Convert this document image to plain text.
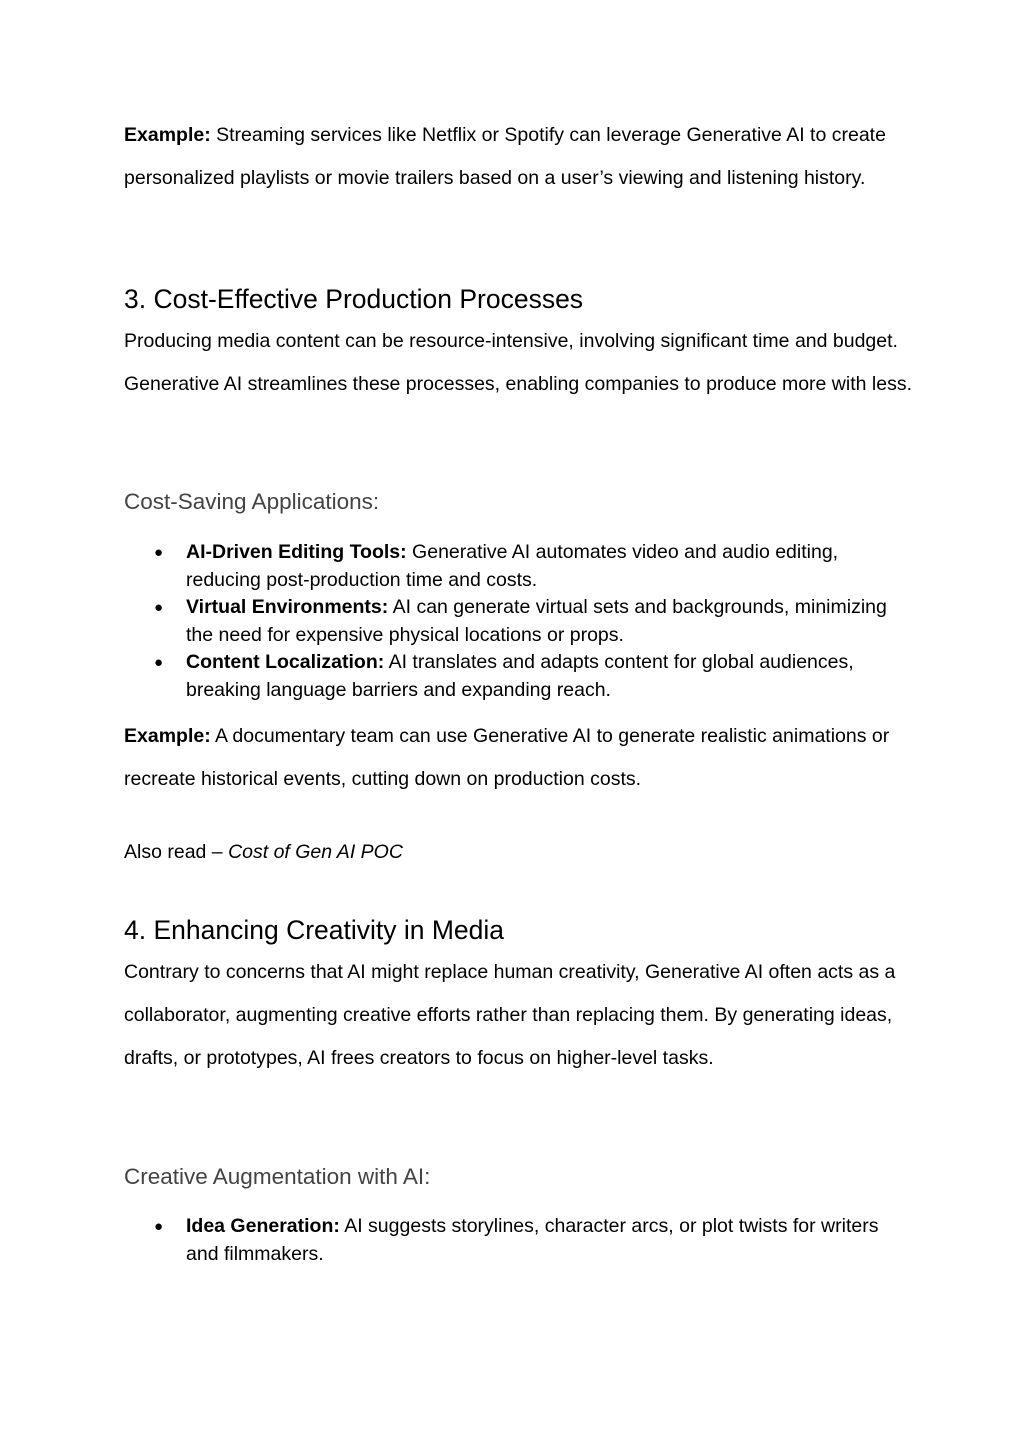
Example: Streaming services like Netflix or Spotify can leverage Generative AI to create personalized playlists or movie trailers based on a user’s viewing and listening history.

3. Cost-Effective Production Processes

Producing media content can be resource-intensive, involving significant time and budget. Generative AI streamlines these processes, enabling companies to produce more with less.

Cost-Saving Applications:
● AI-Driven Editing Tools: Generative AI automates video and audio editing, reducing post-production time and costs.
● Virtual Environments: AI can generate virtual sets and backgrounds, minimizing the need for expensive physical locations or props.
● Content Localization: AI translates and adapts content for global audiences, breaking language barriers and expanding reach.

Example: A documentary team can use Generative AI to generate realistic animations or recreate historical events, cutting down on production costs.

Also read – Cost of Gen AI POC

4. Enhancing Creativity in Media

Contrary to concerns that AI might replace human creativity, Generative AI often acts as a collaborator, augmenting creative efforts rather than replacing them. By generating ideas, drafts, or prototypes, AI frees creators to focus on higher-level tasks.

Creative Augmentation with AI:
● Idea Generation: AI suggests storylines, character arcs, or plot twists for writers and filmmakers.
